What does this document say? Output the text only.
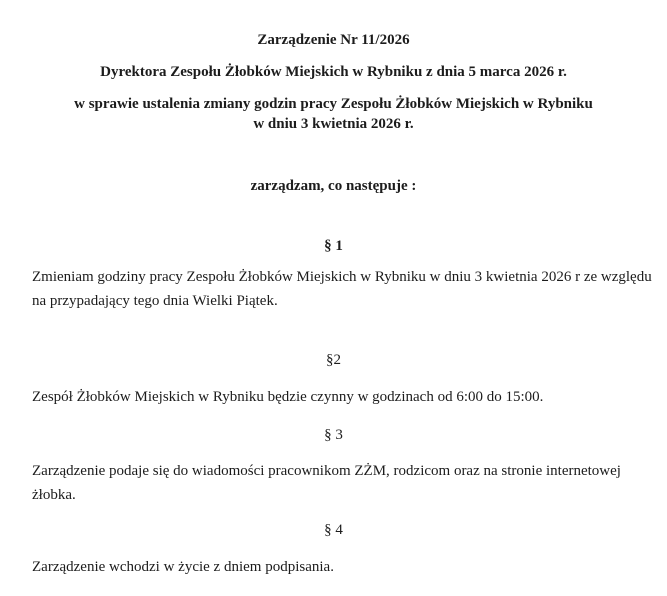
Zarządzenie Nr 11/2026
Dyrektora Zespołu Żłobków Miejskich w Rybniku z dnia 5 marca 2026 r.
w sprawie ustalenia zmiany godzin pracy Zespołu Żłobków Miejskich w Rybniku
w dniu 3 kwietnia 2026 r.
zarządzam, co następuje :
§ 1
Zmieniam godziny pracy Zespołu Żłobków Miejskich w Rybniku w dniu 3 kwietnia 2026 r ze względu na przypadający tego dnia Wielki Piątek.
§2
Zespół Żłobków Miejskich w Rybniku będzie czynny w godzinach od 6:00 do 15:00.
§ 3
Zarządzenie podaje się do wiadomości pracownikom ZŻM, rodzicom oraz na stronie internetowej żłobka.
§ 4
Zarządzenie wchodzi w życie z dniem podpisania.
